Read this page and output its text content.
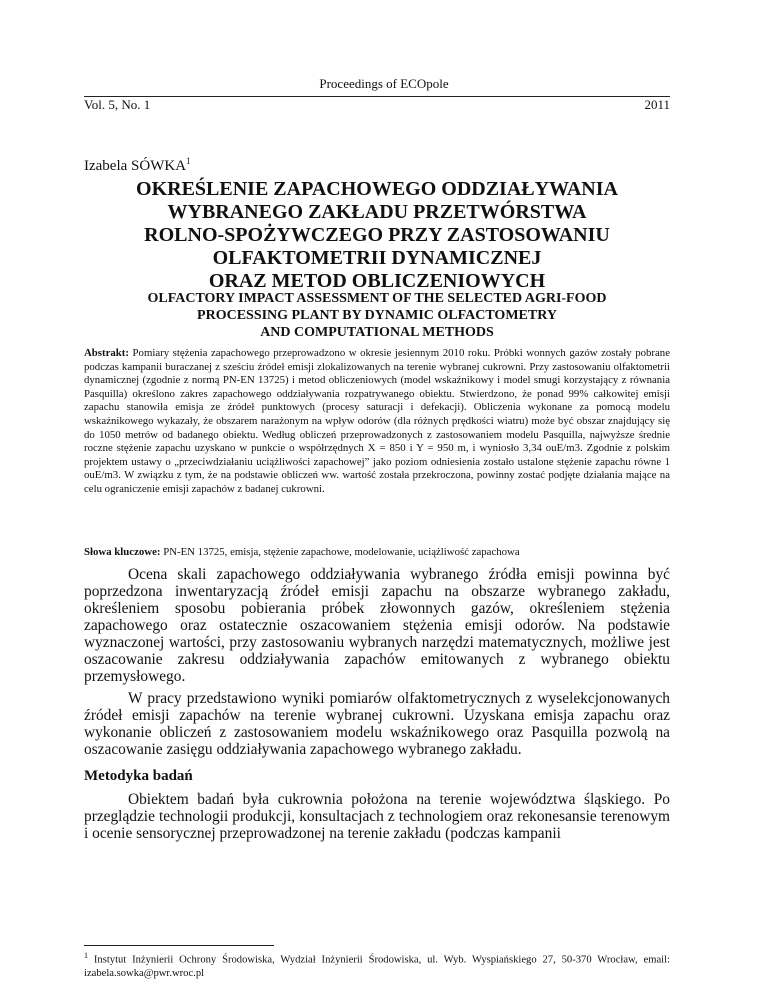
Proceedings of ECOpole
Vol. 5, No. 1	2011
Izabela SÓWKA$^1$
OKREŚLENIE ZAPACHOWEGO ODDZIAŁYWANIA
WYBRANEGO ZAKŁADU PRZETWÓRSTWA
ROLNO-SPOŻYWCZEGO PRZY ZASTOSOWANIU
OLFAKTOMETRII DYNAMICZNEJ
ORAZ METOD OBLICZENIOWYCH
OLFACTORY IMPACT ASSESSMENT OF THE SELECTED AGRI-FOOD
PROCESSING PLANT BY DYNAMIC OLFACTOMETRY
AND COMPUTATIONAL METHODS
Abstrakt: Pomiary stężenia zapachowego przeprowadzono w okresie jesiennym 2010 roku. Próbki wonnych gazów zostały pobrane podczas kampanii buraczanej z sześciu źródeł emisji zlokalizowanych na terenie wybranej cukrowni. Przy zastosowaniu olfaktometrii dynamicznej (zgodnie z normą PN-EN 13725) i metod obliczeniowych (model wskaźnikowy i model smugi korzystający z równania Pasquilla) określono zakres zapachowego oddziaływania rozpatrywanego obiektu. Stwierdzono, że ponad 99% całkowitej emisji zapachu stanowiła emisja ze źródeł punktowych (procesy saturacji i defekacji). Obliczenia wykonane za pomocą modelu wskaźnikowego wykazały, że obszarem narażonym na wpływ odorów (dla różnych prędkości wiatru) może być obszar znajdujący się do 1050 metrów od badanego obiektu. Według obliczeń przeprowadzonych z zastosowaniem modelu Pasquilla, najwyższe średnie roczne stężenie zapachu uzyskano w punkcie o współrzędnych X = 850 i Y = 950 m, i wyniosło 3,34 ouE/m3. Zgodnie z polskim projektem ustawy o „przeciwdziałaniu uciążliwości zapachowej” jako poziom odniesienia zostało ustalone stężenie zapachu równe 1 ouE/m3. W związku z tym, że na podstawie obliczeń ww. wartość została przekroczona, powinny zostać podjęte działania mające na celu ograniczenie emisji zapachów z badanej cukrowni.
Słowa kluczowe: PN-EN 13725, emisja, stężenie zapachowe, modelowanie, uciążliwość zapachowa

Ocena skali zapachowego oddziaływania wybranego źródła emisji powinna być poprzedzona inwentaryzacją źródeł emisji zapachu na obszarze wybranego zakładu, określeniem sposobu pobierania próbek złowonnych gazów, określeniem stężenia zapachowego oraz ostatecznie oszacowaniem stężenia emisji odorów. Na podstawie wyznaczonej wartości, przy zastosowaniu wybranych narzędzi matematycznych, możliwe jest oszacowanie zakresu oddziaływania zapachów emitowanych z wybranego obiektu przemysłowego.

W pracy przedstawiono wyniki pomiarów olfaktometrycznych z wyselekcjonowanych źródeł emisji zapachów na terenie wybranej cukrowni. Uzyskana emisja zapachu oraz wykonanie obliczeń z zastosowaniem modelu wskaźnikowego oraz Pasquilla pozwolą na oszacowanie zasięgu oddziaływania zapachowego wybranego zakładu.

Metodyka badań

Obiektem badań była cukrownia położona na terenie województwa śląskiego. Po przeglądzie technologii produkcji, konsultacjach z technologiem oraz rekonesansie terenowym i ocenie sensorycznej przeprowadzonej na terenie zakładu (podczas kampanii

$^1$ Instytut Inżynierii Ochrony Środowiska, Wydział Inżynierii Środowiska, ul. Wyb. Wyspiańskiego 27, 50-370 Wrocław, email: izabela.sowka@pwr.wroc.pl
